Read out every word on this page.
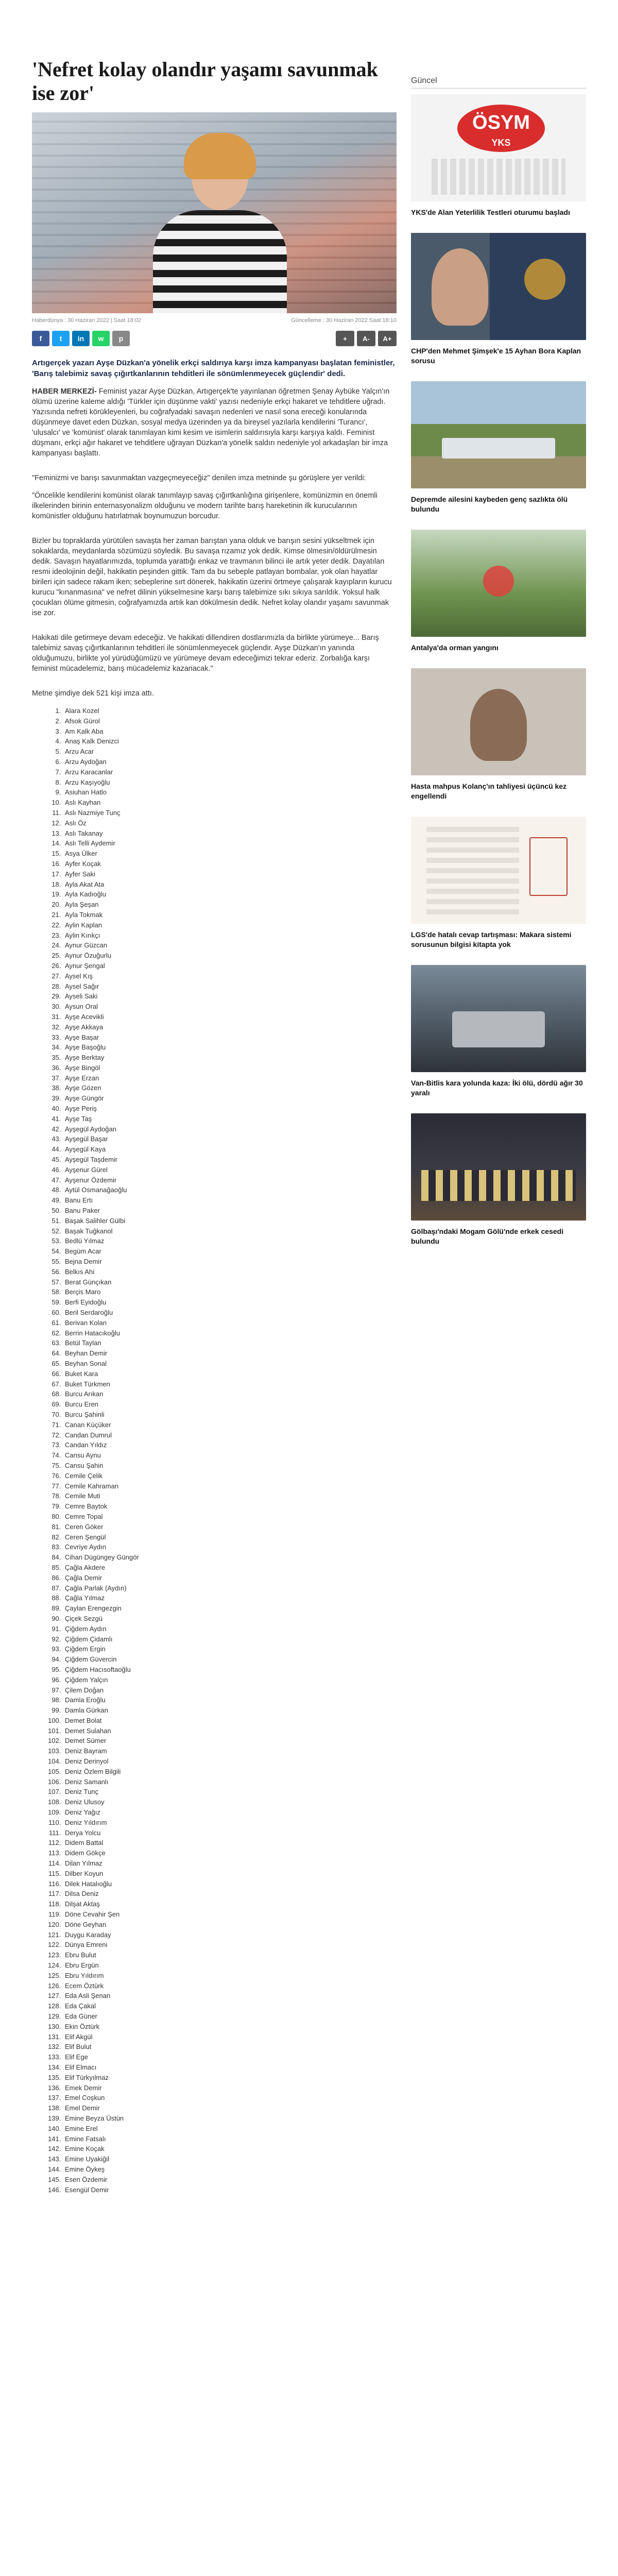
'Nefret kolay olandır yaşamı savunmak ise zor'
Haberdünya : 30 Haziran 2022 | Saat 18:02	Güncelleme : 30 Haziran 2022 Saat 18:10
f	t	in	w	p	+	A-	A+
Artıgerçek yazarı Ayşe Düzkan'a yönelik erkçi saldırıya karşı imza kampanyası başlatan feministler, 'Barış talebimiz savaş çığırtkanlarının tehditleri ile sönümlenmeyecek güçlendir' dedi.

HABER MERKEZİ- Feminist yazar Ayşe Düzkan, Artıgerçek'te yayınlanan öğretmen Şenay Aybüke Yalçın'ın ölümü üzerine kaleme aldığı 'Türkler için düşünme vakti' yazısı nedeniyle erkçi hakaret ve tehditlere uğradı. Yazısında nefreti körükleyenleri, bu coğrafyadaki savaşın nedenleri ve nasıl sona ereceği konularında düşünmeye davet eden Düzkan, sosyal medya üzerinden ya da bireysel yazılarla kendilerini 'Turancı', 'ulusalcı' ve 'komünist' olarak tanımlayan kimi kesim ve isimlerin saldırısıyla karşı karşıya kaldı. Feminist düşmanı, erkçi ağır hakaret ve tehditlere uğrayan Düzkan'a yönelik saldırı nedeniyle yol arkadaşları bir imza kampanyası başlattı.

"Feminizmi ve barışı savunmaktan vazgeçmeyeceğiz" denilen imza metninde şu görüşlere yer verildi:

"Öncelikle kendilerini komünist olarak tanımlayıp savaş çığırtkanlığına girişenlere, komünizmin en önemli ilkelerinden birinin enternasyonalizm olduğunu ve modern tarihte barış hareketinin ilk kurucularının komünistler olduğunu hatırlatmak boynumuzun borcudur.

Bizler bu topraklarda yürütülen savaşta her zaman barıştan yana olduk ve barışın sesini yükseltmek için sokaklarda, meydanlarda sözümüzü söyledik. Bu savaşa rızamız yok dedik. Kimse ölmesin/öldürülmesin dedik. Savaşın hayatlarımızda, toplumda yarattığı enkaz ve travmanın bilinci ile artık yeter dedik. Dayatılan resmi ideolojinin değil, hakikatin peşinden gittik. Tam da bu sebeple patlayan bombalar, yok olan hayatlar birileri için sadece rakam iken; sebeplerine sırt dönerek, hakikatin üzerini örtmeye çalışarak kayıpların kurucu kurucu "kınanmasına" ve nefret dilinin yükselmesine karşı barış talebimize sıkı sıkıya sarıldık. Yoksul halk çocukları ölüme gitmesin, coğrafyamızda artık kan dökülmesin dedik. Nefret kolay olandır yaşamı savunmak ise zor.

Hakikati dile getirmeye devam edeceğiz. Ve hakikati dillendiren dostlarımızla da birlikte yürümeye... Barış talebimiz savaş çığırtkanlarının tehditleri ile sönümlenmeyecek güçlendir. Ayşe Düzkan'ın yanında olduğumuzu, birlikte yol yürüdüğümüzü ve yürümeye devam edeceğimizi tekrar ederiz. Zorbalığa karşı feminist mücadelemiz, barış mücadelemiz kazanacak."

Metne şimdiye dek 521 kişi imza attı.

1. Alara Kozel
2. Afsok Gürol
3. Am Kalk Aba
4. Anaş Kalk Denizci
5. Arzu Acar
6. Arzu Aydoğan
7. Arzu Karacanlar
8. Arzu Kaşıyoğlu
9. Asiuhan Hatlo
10. Aslı Kayhan
11. Aslı Nazmiye Tunç
12. Aslı Öz
13. Aslı Takanay
14. Aslı Telli Aydemir
15. Asya Ülker
16. Ayfer Koçak
17. Ayfer Saki
18. Ayla Akat Ata
19. Ayla Kadıoğlu
20. Ayla Şeşan
21. Ayla Tokmak
22. Aylin Kaplan
23. Aylin Kırıkçı
24. Aynur Güzcan
25. Aynur Özuğurlu
26. Aynur Şengal
27. Aysel Kış
28. Aysel Sağır
29. Ayseli Saki
30. Aysun Oral
31. Ayşe Acevikli
32. Ayşe Akkaya
33. Ayşe Başar
34. Ayşe Başoğlu
35. Ayşe Berktay
36. Ayşe Bingöl
37. Ayşe Erzan
38. Ayşe Gözen
39. Ayşe Güngör
40. Ayşe Periş
41. Ayşe Taş
42. Ayşegül Aydoğan
43. Ayşegül Başar
44. Ayşegül Kaya
45. Ayşegül Taşdemir
46. Ayşenur Gürel
47. Ayşenur Özdemir
48. Aytül Osmanağaoğlu
49. Banu Ertı
50. Banu Paker
51. Başak Salihler Gülbi
52. Başak Tuğkanol
53. Bedlü Yılmaz
54. Begüm Acar
55. Bejna Demir
56. Belkıs Ahi
57. Berat Günçıkan
58. Berçis Maro
59. Berfi Eyidoğlu
60. Beril Serdaroğlu
61. Berivan Kolan
62. Berrin Hatacıkoğlu
63. Betül Taylan
64. Beyhan Demir
65. Beyhan Sonal
66. Buket Kara
67. Buket Türkmen
68. Burcu Arıkan
69. Burcu Eren
70. Burcu Şahinli
71. Canan Küçüker
72. Candan Dumrul
73. Candan Yıldız
74. Cansu Aynu
75. Cansu Şahin
76. Cemile Çelik
77. Cemile Kahraman
78. Cemile Muti
79. Cemre Baytok
80. Cemre Topal
81. Ceren Göker
82. Ceren Şengül
83. Cevriye Aydın
84. Cihan Dügüngey Güngör
85. Çağla Akdere
86. Çağla Demir
87. Çağla Parlak (Aydın)
88. Çağla Yılmaz
89. Çaylan Erengezgin
90. Çiçek Sezgü
91. Çiğdem Aydın
92. Çiğdem Çidamlı
93. Çiğdem Ergin
94. Çiğdem Güvercin
95. Çiğdem Hacısoftaoğlu
96. Çiğdem Yalçın
97. Çilem Doğan
98. Damla Eroğlu
99. Damla Gürkan
100. Demet Bolat
101. Demet Sulahan
102. Demet Sümer
103. Deniz Bayram
104. Deniz Derinyol
105. Deniz Özlem Bilgili
106. Deniz Samanlı
107. Deniz Tunç
108. Deniz Ulusoy
109. Deniz Yağız
110. Deniz Yıldırım
111. Derya Yolcu
112. Didem Battal
113. Didem Gökçe
114. Dilan Yılmaz
115. Dilber Koyun
116. Dilek Hatalıoğlu
117. Dilsa Deniz
118. Dilşat Aktaş
119. Döne Cevahir Şen
120. Döne Geyhan
121. Duygu Karaday
122. Dünya Emreni
123. Ebru Bulut
124. Ebru Ergün
125. Ebru Yıldırım
126. Ecem Öztürk
127. Eda Asli Şenan
128. Eda Çakal
129. Eda Güner
130. Ekin Öztürk
131. Elif Akgül
132. Elif Bulut
133. Elif Ege
134. Elif Elmacı
135. Elif Türkyılmaz
136. Emek Demir
137. Emel Coşkun
138. Emel Demir
139. Emine Beyza Üstün
140. Emine Erel
141. Emine Fatsalı
142. Emine Koçak
143. Emine Uyakiğil
144. Emine Öykeş
145. Esen Özdemir
146. Esengül Demir
Güncel
ÖSYM
YKS
YKS'de Alan Yeterlilik Testleri oturumu başladı
CHP'den Mehmet Şimşek'e 15 Ayhan Bora Kaplan sorusu
Depremde ailesini kaybeden genç sazlıkta ölü bulundu
Antalya'da orman yangını
Hasta mahpus Kolanç'ın tahliyesi üçüncü kez engellendi
LGS'de hatalı cevap tartışması: Makara sistemi sorusunun bilgisi kitapta yok
Van-Bitlis kara yolunda kaza: İki ölü, dördü ağır 30 yaralı
Gölbaşı'ndaki Mogam Gölü'nde erkek cesedi bulundu
